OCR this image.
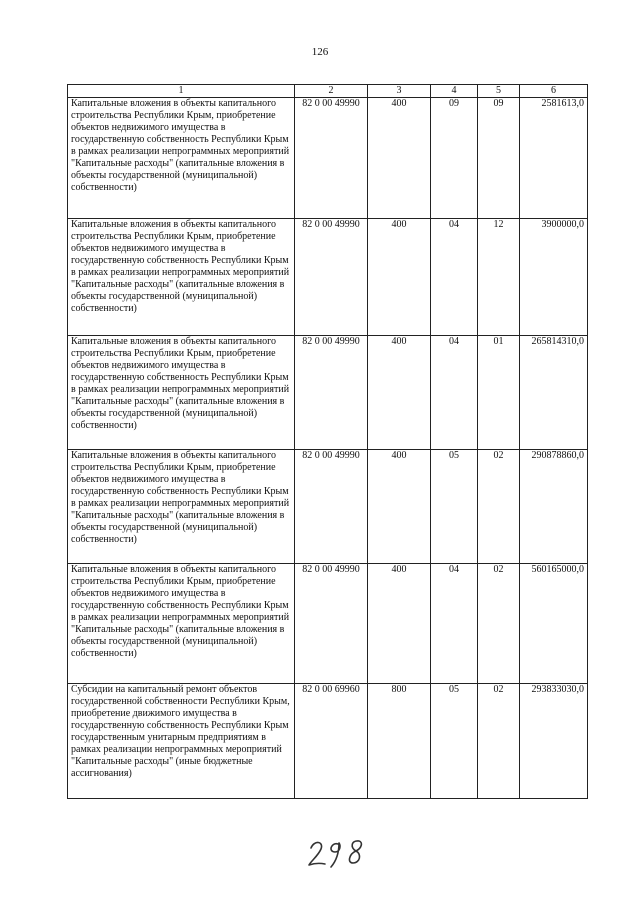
126
1	2	3	4	5	6
Капитальные вложения в объекты капитального строительства Республики Крым, приобретение объектов недвижимого имущества в государственную собственность Республики Крым в рамках реализации непрограммных мероприятий "Капитальные расходы" (капитальные вложения в объекты государственной (муниципальной) собственности)	82 0 00 49990	400	09	09	2581613,0
Капитальные вложения в объекты капитального строительства Республики Крым, приобретение объектов недвижимого имущества в государственную собственность Республики Крым в рамках реализации непрограммных мероприятий "Капитальные расходы" (капитальные вложения в объекты государственной (муниципальной) собственности)	82 0 00 49990	400	04	12	3900000,0
Капитальные вложения в объекты капитального строительства Республики Крым, приобретение объектов недвижимого имущества в государственную собственность Республики Крым в рамках реализации непрограммных мероприятий "Капитальные расходы" (капитальные вложения в объекты государственной (муниципальной) собственности)	82 0 00 49990	400	04	01	265814310,0
Капитальные вложения в объекты капитального строительства Республики Крым, приобретение объектов недвижимого имущества в государственную собственность Республики Крым в рамках реализации непрограммных мероприятий "Капитальные расходы" (капитальные вложения в объекты государственной (муниципальной) собственности)	82 0 00 49990	400	05	02	290878860,0
Капитальные вложения в объекты капитального строительства Республики Крым, приобретение объектов недвижимого имущества в государственную собственность Республики Крым в рамках реализации непрограммных мероприятий "Капитальные расходы" (капитальные вложения в объекты государственной (муниципальной) собственности)	82 0 00 49990	400	04	02	560165000,0
Субсидии на капитальный ремонт объектов государственной собственности Республики Крым, приобретение движимого имущества в государственную собственность Республики Крым государственным унитарным предприятиям в рамках реализации непрограммных мероприятий "Капитальные расходы" (иные бюджетные ассигнования)	82 0 00 69960	800	05	02	293833030,0
